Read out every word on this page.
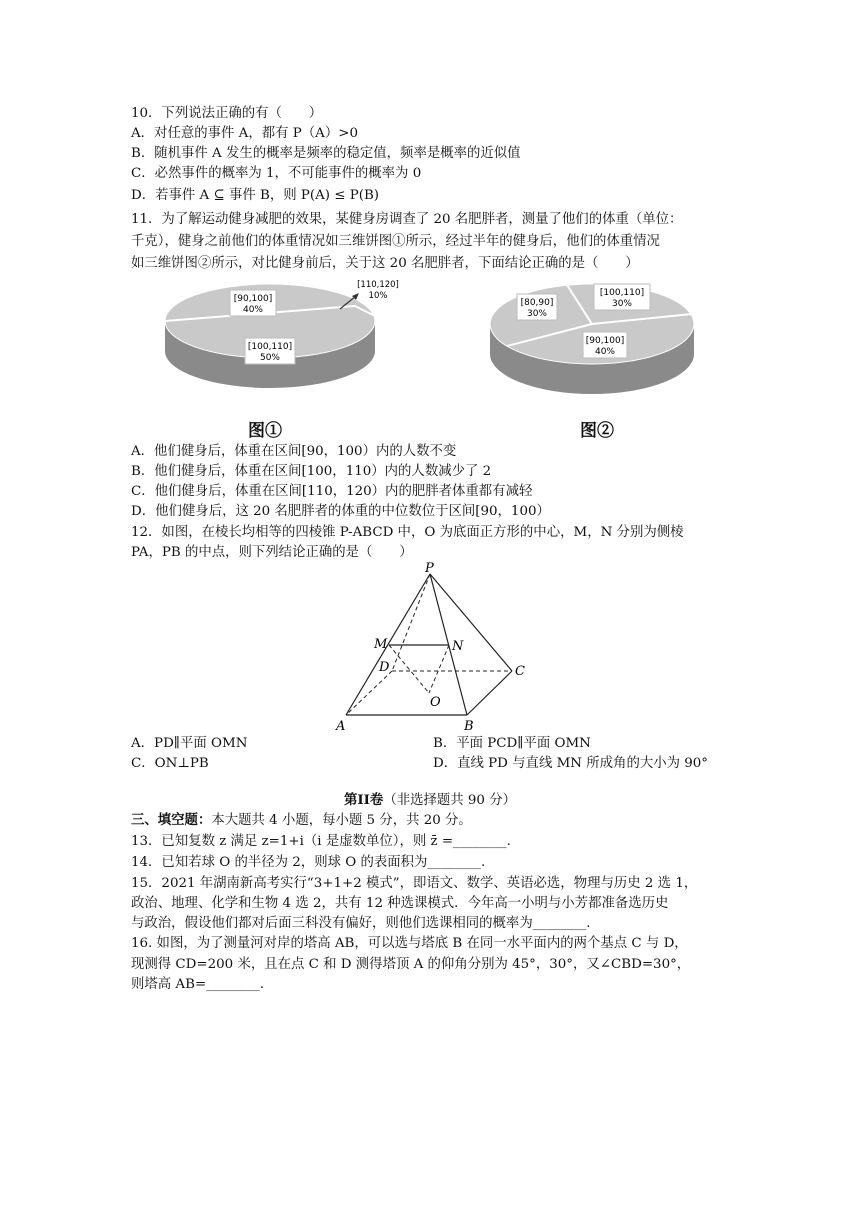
10．下列说法正确的有（　　）
A．对任意的事件 A，都有 P（A）>0
B．随机事件 A 发生的概率是频率的稳定值，频率是概率的近似值
C．必然事件的概率为 1，不可能事件的概率为 0
D．若事件 A ⊆ 事件 B，则 P(A) ≤ P(B)
11．为了解运动健身减肥的效果，某健身房调查了 20 名肥胖者，测量了他们的体重（单位：
千克），健身之前他们的体重情况如三维饼图①所示，经过半年的健身后，他们的体重情况
如三维饼图②所示，对比健身前后，关于这 20 名肥胖者，下面结论正确的是（　　）
[90,100]
40%
[100,110]
50%
[110,120]
10%
[80,90]
30%
[100,110]
30%
[90,100]
40%
图①	图②
A．他们健身后，体重在区间[90，100）内的人数不变
B．他们健身后，体重在区间[100，110）内的人数减少了 2
C．他们健身后，体重在区间[110，120）内的肥胖者体重都有减轻
D．他们健身后，这 20 名肥胖者的体重的中位数位于区间[90，100）
12．如图，在棱长均相等的四棱锥 P-ABCD 中，O 为底面正方形的中心，M，N 分别为侧棱
PA，PB 的中点，则下列结论正确的是（　　）
P
M	N
D	C
O
A	B
A．PD∥平面 OMN	B．平面 PCD∥平面 OMN
C．ON⊥PB	D．直线 PD 与直线 MN 所成角的大小为 90°
第II卷（非选择题共 90 分）
三、填空题：本大题共 4 小题，每小题 5 分，共 20 分。
13．已知复数 z 满足 z=1+i（i 是虚数单位），则 z̄ =________.
14．已知若球 O 的半径为 2，则球 O 的表面积为________.
15．2021 年湖南新高考实行“3+1+2 模式”，即语文、数学、英语必选，物理与历史 2 选 1，
政治、地理、化学和生物 4 选 2，共有 12 种选课模式．今年高一小明与小芳都准备选历史
与政治，假设他们都对后面三科没有偏好，则他们选课相同的概率为________.
16. 如图，为了测量河对岸的塔高 AB，可以选与塔底 B 在同一水平面内的两个基点 C 与 D，
现测得 CD=200 米，且在点 C 和 D 测得塔顶 A 的仰角分别为 45°，30°，又∠CBD=30°，
则塔高 AB=________.
